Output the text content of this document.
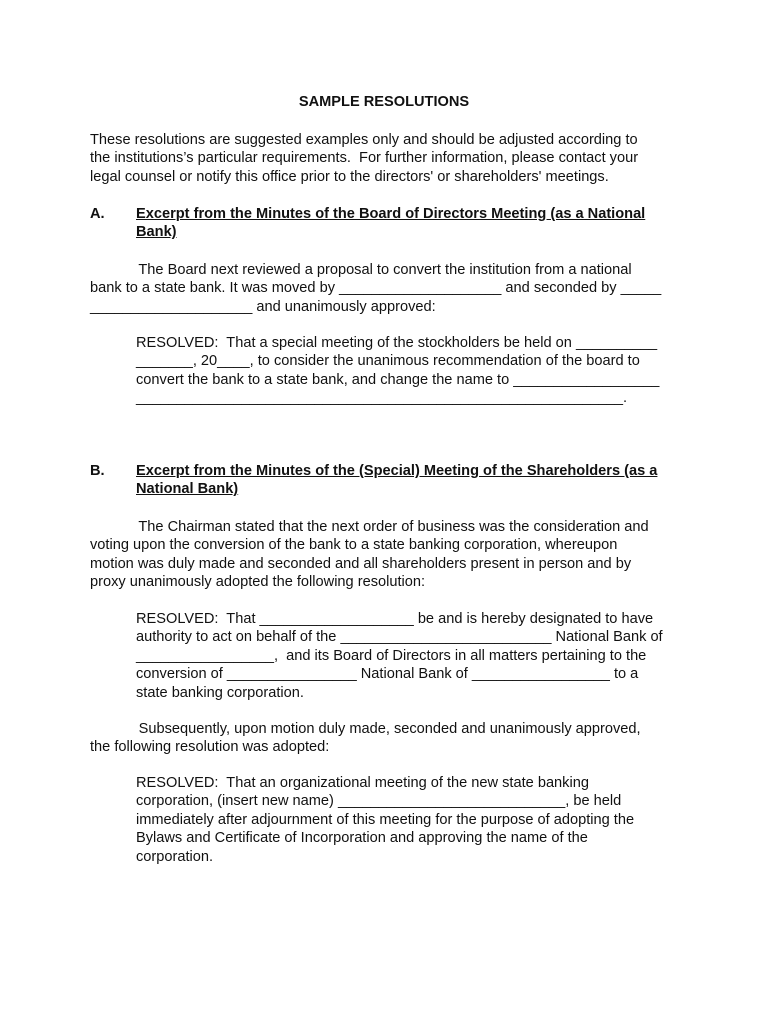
SAMPLE RESOLUTIONS

These resolutions are suggested examples only and should be adjusted according to
the institutions’s particular requirements.  For further information, please contact your
legal counsel or notify this office prior to the directors' or shareholders' meetings.
A. Excerpt from the Minutes of the Board of Directors Meeting (as a National
Bank)
The Board next reviewed a proposal to convert the institution from a national
bank to a state bank. It was moved by ____________________ and seconded by _____
____________________ and unanimously approved:
RESOLVED:  That a special meeting of the stockholders be held on __________
_______, 20____, to consider the unanimous recommendation of the board to
convert the bank to a state bank, and change the name to __________________
____________________________________________________________.
B. Excerpt from the Minutes of the (Special) Meeting of the Shareholders (as a
National Bank)
The Chairman stated that the next order of business was the consideration and
voting upon the conversion of the bank to a state banking corporation, whereupon
motion was duly made and seconded and all shareholders present in person and by
proxy unanimously adopted the following resolution:
RESOLVED:  That ___________________ be and is hereby designated to have
authority to act on behalf of the __________________________ National Bank of
_________________,  and its Board of Directors in all matters pertaining to the
conversion of ________________ National Bank of _________________ to a
state banking corporation.
Subsequently, upon motion duly made, seconded and unanimously approved,
the following resolution was adopted:
RESOLVED:  That an organizational meeting of the new state banking
corporation, (insert new name) ____________________________, be held
immediately after adjournment of this meeting for the purpose of adopting the
Bylaws and Certificate of Incorporation and approving the name of the
corporation.
